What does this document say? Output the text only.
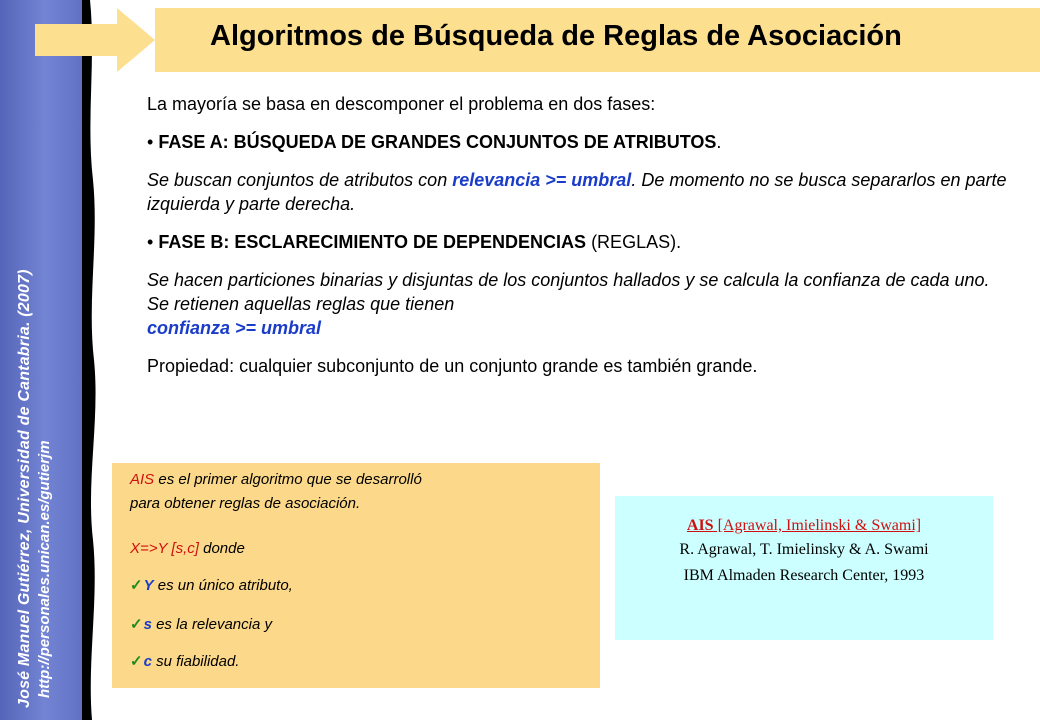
José Manuel Gutiérrez, Universidad de Cantabria. (2007) http://personales.unican.es/gutierjm
Algoritmos de Búsqueda de Reglas de Asociación

La mayoría se basa en descomponer el problema en dos fases:

• FASE A: BÚSQUEDA DE GRANDES CONJUNTOS DE ATRIBUTOS.

Se buscan conjuntos de atributos con relevancia >= umbral. De momento no se busca separarlos en parte izquierda y parte derecha.

• FASE B: ESCLARECIMIENTO DE DEPENDENCIAS (REGLAS).

Se hacen particiones binarias y disjuntas de los conjuntos hallados y se calcula la confianza de cada uno. Se retienen aquellas reglas que tienen
confianza >= umbral

Propiedad: cualquier subconjunto de un conjunto grande es también grande.

AIS es el primer algoritmo que se desarrolló

para obtener reglas de asociación.

X=>Y [s,c] donde

✓Y es un único atributo,

✓s es la relevancia y

✓c su fiabilidad.

AIS [Agrawal, Imielinski & Swami]
R. Agrawal, T. Imielinsky & A. Swami
IBM Almaden Research Center, 1993
